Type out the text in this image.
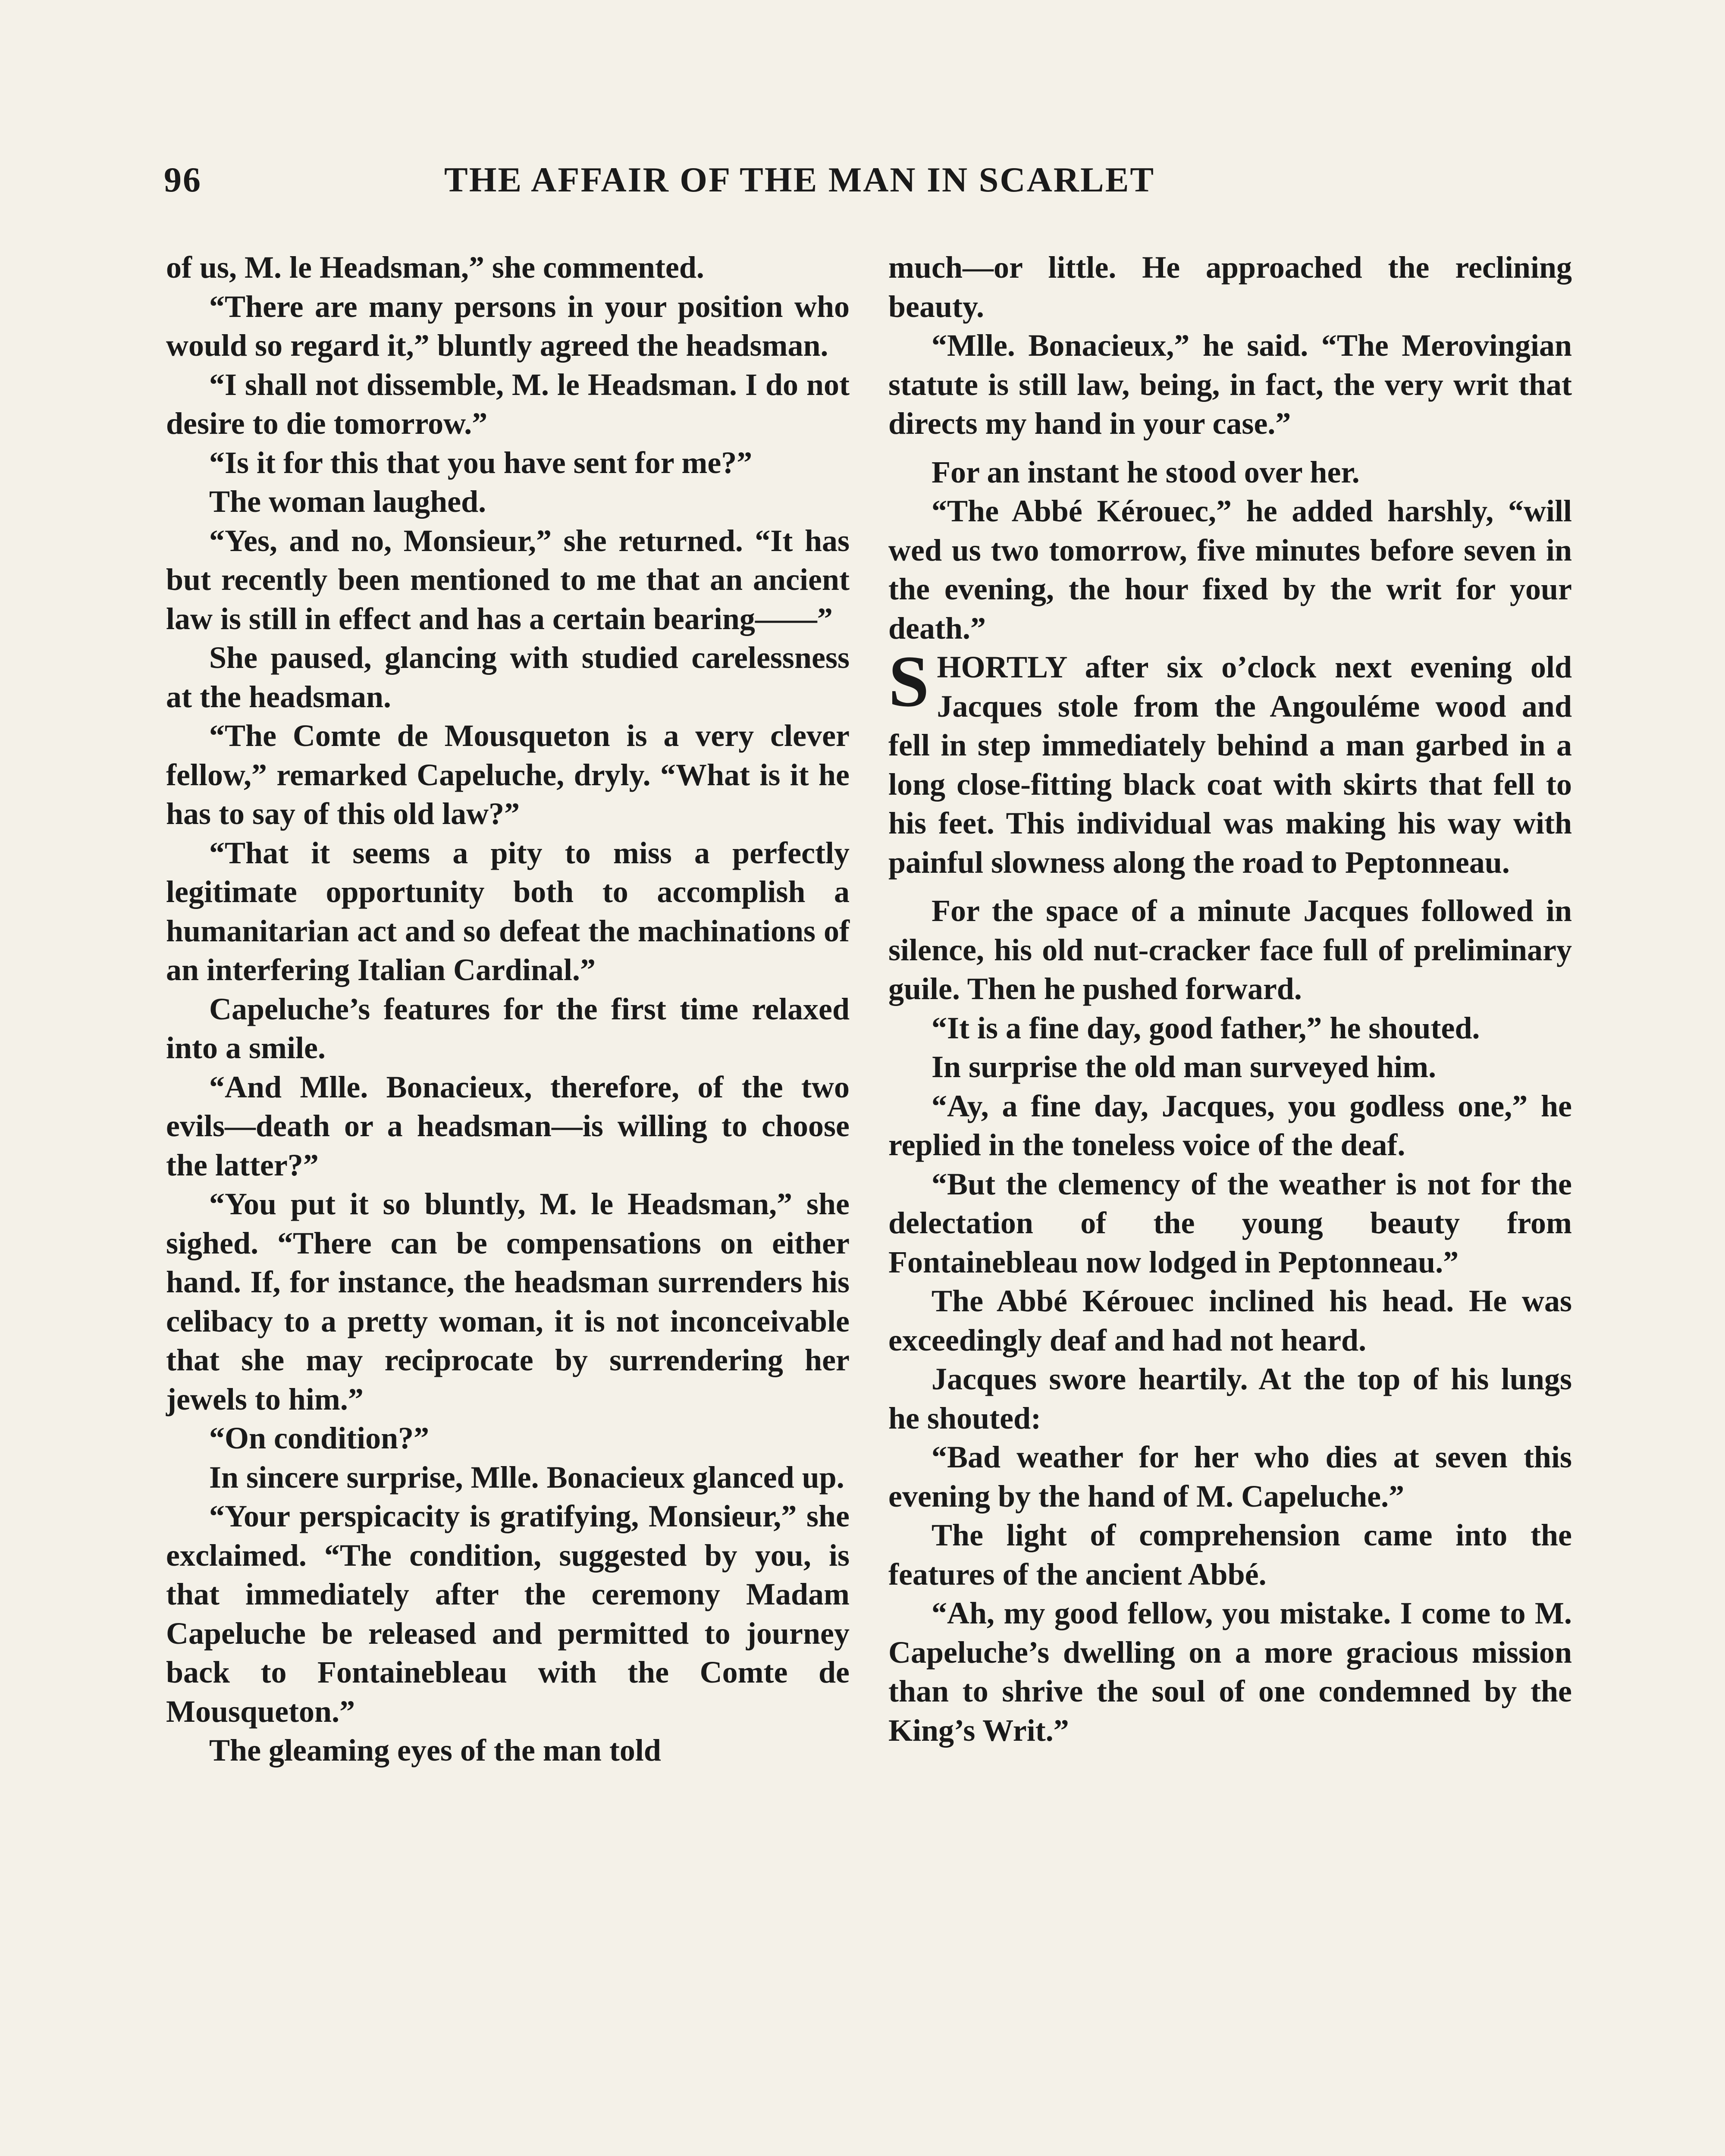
96	THE AFFAIR OF THE MAN IN SCARLET

of us, M. le Headsman,” she commented.

“There are many persons in your position who would so regard it,” bluntly agreed the headsman.

“I shall not dissemble, M. le Headsman. I do not desire to die tomorrow.”

“Is it for this that you have sent for me?”

The woman laughed.

“Yes, and no, Monsieur,” she returned. “It has but recently been mentioned to me that an ancient law is still in effect and has a certain bearing——”

She paused, glancing with studied carelessness at the headsman.

“The Comte de Mousqueton is a very clever fellow,” remarked Capeluche, dryly. “What is it he has to say of this old law?”

“That it seems a pity to miss a perfectly legitimate opportunity both to accomplish a humanitarian act and so defeat the machinations of an interfering Italian Cardinal.”

Capeluche’s features for the first time relaxed into a smile.

“And Mlle. Bonacieux, therefore, of the two evils—death or a headsman—is willing to choose the latter?”

“You put it so bluntly, M. le Headsman,” she sighed. “There can be compensations on either hand. If, for instance, the headsman surrenders his celibacy to a pretty woman, it is not inconceivable that she may reciprocate by surrendering her jewels to him.”

“On condition?”

In sincere surprise, Mlle. Bonacieux glanced up.

“Your perspicacity is gratifying, Monsieur,” she exclaimed. “The condition, suggested by you, is that immediately after the ceremony Madam Capeluche be released and permitted to journey back to Fontainebleau with the Comte de Mousqueton.”

The gleaming eyes of the man told

much—or little. He approached the reclining beauty.

“Mlle. Bonacieux,” he said. “The Merovingian statute is still law, being, in fact, the very writ that directs my hand in your case.”

For an instant he stood over her.

“The Abbé Kérouec,” he added harshly, “will wed us two tomorrow, five minutes before seven in the evening, the hour fixed by the writ for your death.”

SHORTLY after six o’clock next evening old Jacques stole from the Angouléme wood and fell in step immediately behind a man garbed in a long close-fitting black coat with skirts that fell to his feet. This individual was making his way with painful slowness along the road to Peptonneau.

For the space of a minute Jacques followed in silence, his old nut-cracker face full of preliminary guile. Then he pushed forward.

“It is a fine day, good father,” he shouted.

In surprise the old man surveyed him.

“Ay, a fine day, Jacques, you godless one,” he replied in the toneless voice of the deaf.

“But the clemency of the weather is not for the delectation of the young beauty from Fontainebleau now lodged in Peptonneau.”

The Abbé Kérouec inclined his head. He was exceedingly deaf and had not heard.

Jacques swore heartily. At the top of his lungs he shouted:

“Bad weather for her who dies at seven this evening by the hand of M. Capeluche.”

The light of comprehension came into the features of the ancient Abbé.

“Ah, my good fellow, you mistake. I come to M. Capeluche’s dwelling on a more gracious mission than to shrive the soul of one condemned by the King’s Writ.”
